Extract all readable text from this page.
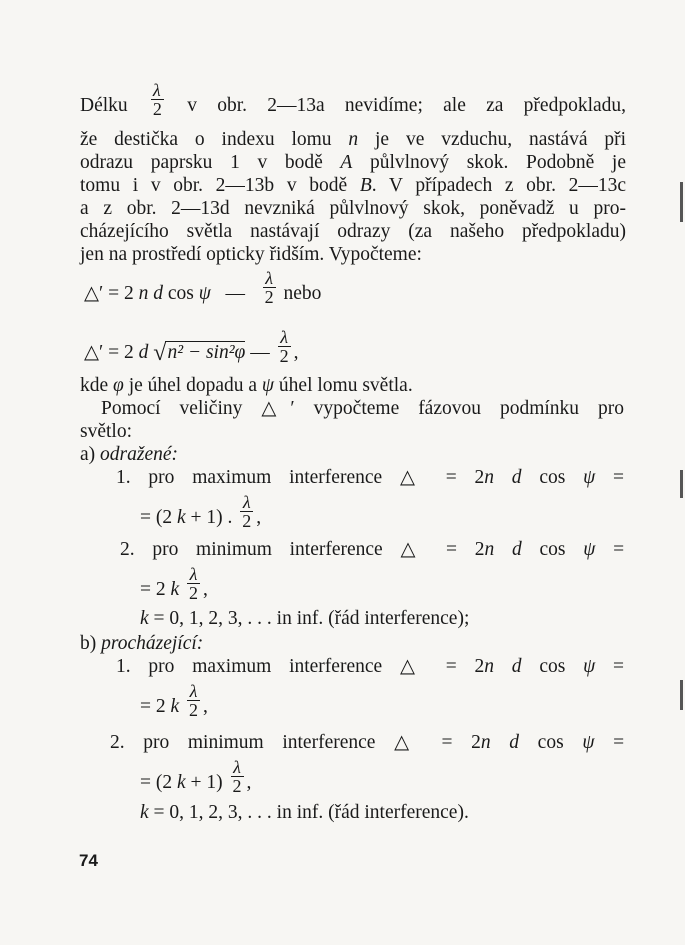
Délku $\frac{\lambda}{2}$ v obr. 2—13a nevidíme; ale za předpokladu,
že destička o indexu lomu n je ve vzduchu, nastává při
odrazu paprsku 1 v bodě A půlvlnový skok. Podobně je
tomu i v obr. 2—13b v bodě B. V případech z obr. 2—13c
a z obr. 2—13d nevzniká půlvlnový skok, poněvadž u pro-
cházejícího světla nastávají odrazy (za našeho předpokladu)
jen na prostředí opticky řidším. Vypočteme:
△′ = 2 n d cos ψ — $\frac{\lambda}{2}$ nebo
△′ = 2 d √n² − sin²φ — $\frac{\lambda}{2}$ ,
kde φ je úhel dopadu a ψ úhel lomu světla.
Pomocí veličiny △′ vypočteme fázovou podmínku pro
světlo:
a) odražené:
1. pro maximum interference △ = 2n d cos ψ =
= (2 k + 1) . $\frac{\lambda}{2}$ ,
2. pro minimum interference △ = 2n d cos ψ =
= 2 k $\frac{\lambda}{2}$ ,
k = 0, 1, 2, 3, . . . in inf. (řád interference);
b) procházející:
1. pro maximum interference △ = 2n d cos ψ =
= 2 k $\frac{\lambda}{2}$ ,
2. pro minimum interference △ = 2n d cos ψ =
= (2 $k + 1) \frac{\lambda}{2}$ ,
k = 0, 1, 2, 3, . . . in inf. (řád interference).
74
